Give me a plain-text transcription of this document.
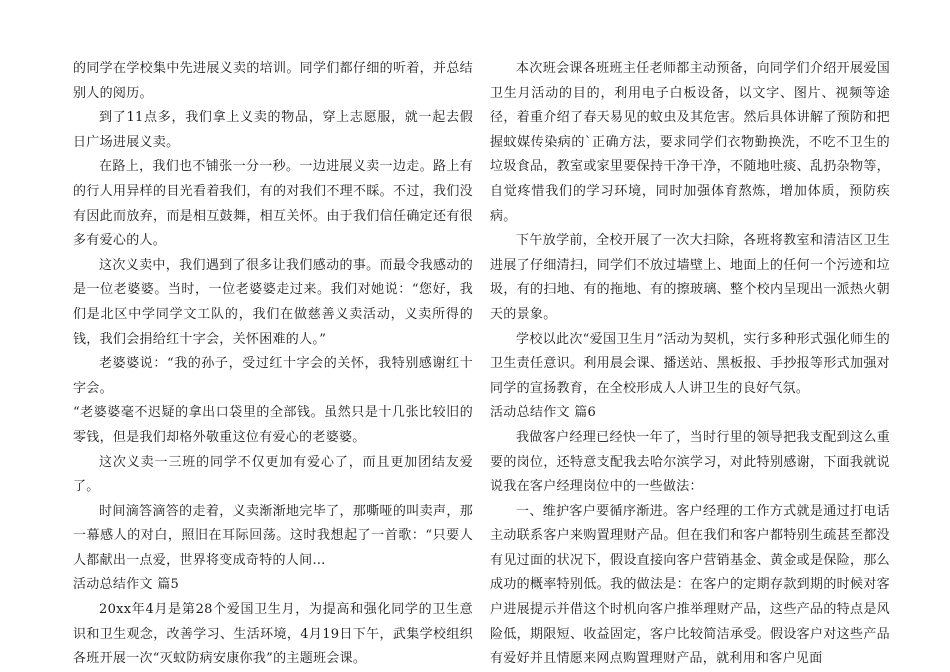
的同学在学校集中先进展义卖的培训。同学们都仔细的听着，并总结别人的阅历。

到了11点多，我们拿上义卖的物品，穿上志愿服，就一起去假日广场进展义卖。

在路上，我们也不铺张一分一秒。一边进展义卖一边走。路上有的行人用异样的目光看着我们，有的对我们不理不睬。不过，我们没有因此而放弃，而是相互鼓舞，相互关怀。由于我们信任确定还有很多有爱心的人。

这次义卖中，我们遇到了很多让我们感动的事。而最令我感动的是一位老婆婆。当时，一位老婆婆走过来。我们对她说：“您好，我们是北区中学同学文工队的，我们在做慈善义卖活动，义卖所得的钱，我们会捐给红十字会，关怀困难的人。”

老婆婆说：“我的孙子，受过红十字会的关怀，我特别感谢红十字会。

“老婆婆毫不迟疑的拿出口袋里的全部钱。虽然只是十几张比较旧的零钱，但是我们却格外敬重这位有爱心的老婆婆。

这次义卖一三班的同学不仅更加有爱心了，而且更加团结友爱了。

时间滴答滴答的走着，义卖渐渐地完毕了，那嘶哑的叫卖声，那一幕感人的对白，照旧在耳际回荡。这时我想起了一首歌：“只要人人都献出一点爱，世界将变成奇特的人间…

活动总结作文 篇5

20xx年4月是第28个爱国卫生月，为提高和强化同学的卫生意识和卫生观念，改善学习、生活环境，4月19日下午，武集学校组织各班开展一次“灭蚊防病安康你我”的主题班会课。

本次班会课各班班主任老师都主动预备，向同学们介绍开展爱国卫生月活动的目的，利用电子白板设备，以文字、图片、视频等途径，着重介绍了春天易见的蚊虫及其危害。然后具体讲解了预防和把握蚊媒传染病的`正确方法，要求同学们衣物勤换洗，不吃不卫生的垃圾食品，教室或家里要保持干净干净，不随地吐痰、乱扔杂物等，自觉疼惜我们的学习环境，同时加强体育熬炼，增加体质，预防疾病。

下午放学前，全校开展了一次大扫除，各班将教室和清洁区卫生进展了仔细清扫，同学们不放过墙壁上、地面上的任何一个污迹和垃圾，有的扫地、有的拖地、有的擦玻璃、整个校内呈现出一派热火朝天的景象。

学校以此次“爱国卫生月”活动为契机，实行多种形式强化师生的卫生责任意识。利用晨会课、播送站、黑板报、手抄报等形式加强对同学的宣扬教育，在全校形成人人讲卫生的良好气氛。

活动总结作文 篇6

我做客户经理已经快一年了，当时行里的领导把我支配到这么重要的岗位，还特意支配我去哈尔滨学习，对此特别感谢，下面我就说说我在客户经理岗位中的一些做法：

一、维护客户要循序渐进。客户经理的工作方式就是通过打电话主动联系客户来购置理财产品。但在我们和客户都特别生疏甚至都没有见过面的状况下，假设直接向客户营销基金、黄金或是保险，那么成功的概率特别低。我的做法是：在客户的定期存款到期的时候对客户进展提示并借这个时机向客户推举理财产品，这些产品的特点是风险低，期限短、收益固定，客户比较简洁承受。假设客户对这些产品有爱好并且情愿来网点购置理财产品，就利用和客户见面
